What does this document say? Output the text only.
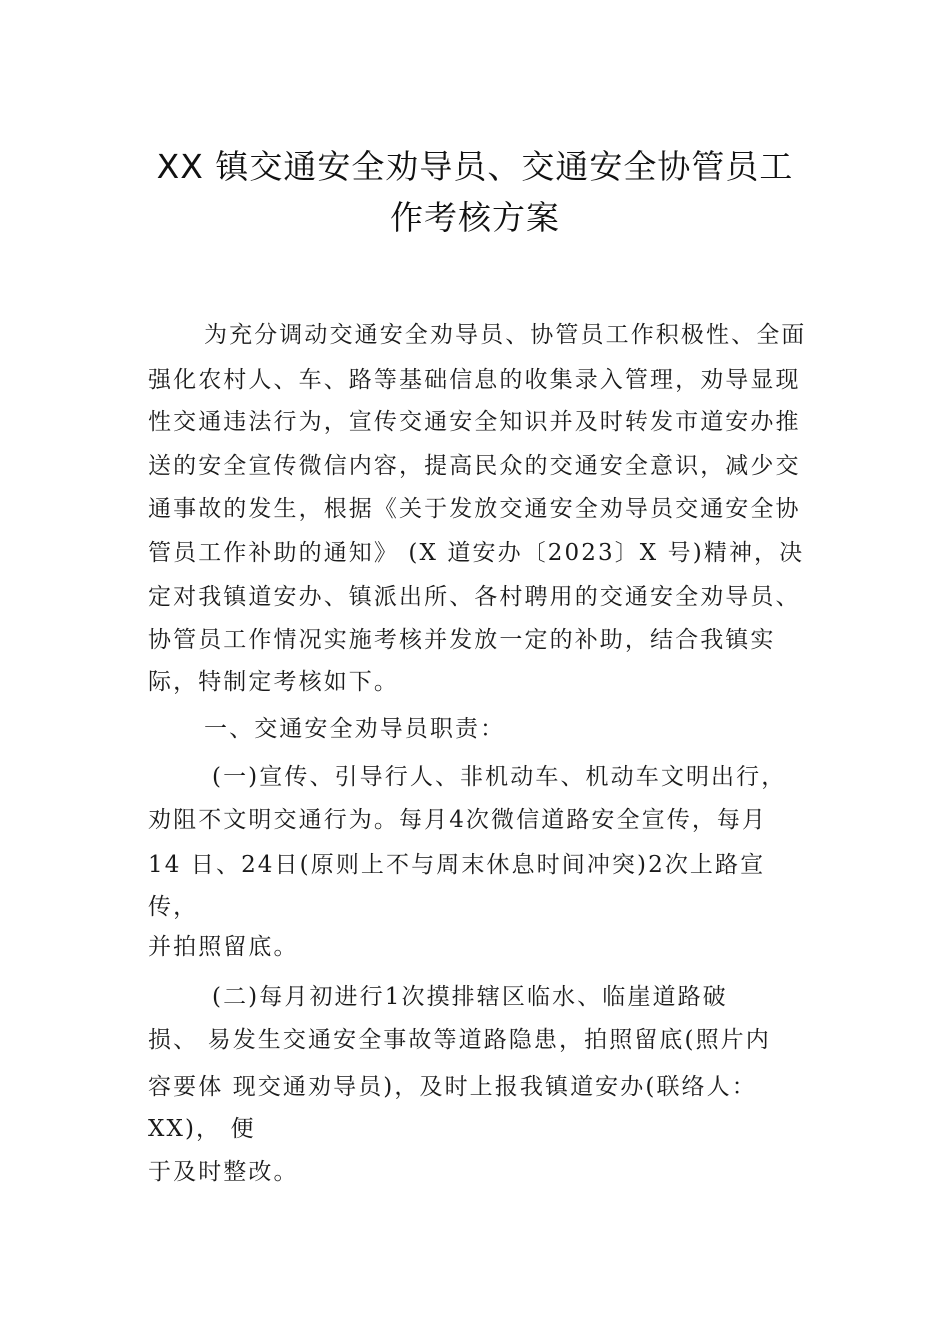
XX 镇交通安全劝导员、交通安全协管员工
作考核方案
为充分调动交通安全劝导员、协管员工作积极性、全面
强化农村人、车、路等基础信息的收集录入管理，劝导显现
性交通违法行为，宣传交通安全知识并及时转发市道安办推
送的安全宣传微信内容，提高民众的交通安全意识，减少交
通事故的发生，根据《关于发放交通安全劝导员交通安全协
管员工作补助的通知》 (X 道安办〔2023〕X 号)精神，决
定对我镇道安办、镇派出所、各村聘用的交通安全劝导员、
协管员工作情况实施考核并发放一定的补助，结合我镇实
际，特制定考核如下。
一、交通安全劝导员职责：
(一)宣传、引导行人、非机动车、机动车文明出行，
劝阻不文明交通行为。每月4次微信道路安全宣传，每月
14 日、24日(原则上不与周末休息时间冲突)2次上路宣
传，
并拍照留底。
(二)每月初进行1次摸排辖区临水、临崖道路破
损、 易发生交通安全事故等道路隐患，拍照留底(照片内
容要体 现交通劝导员)，及时上报我镇道安办(联络人：
XX)， 便
于及时整改。
